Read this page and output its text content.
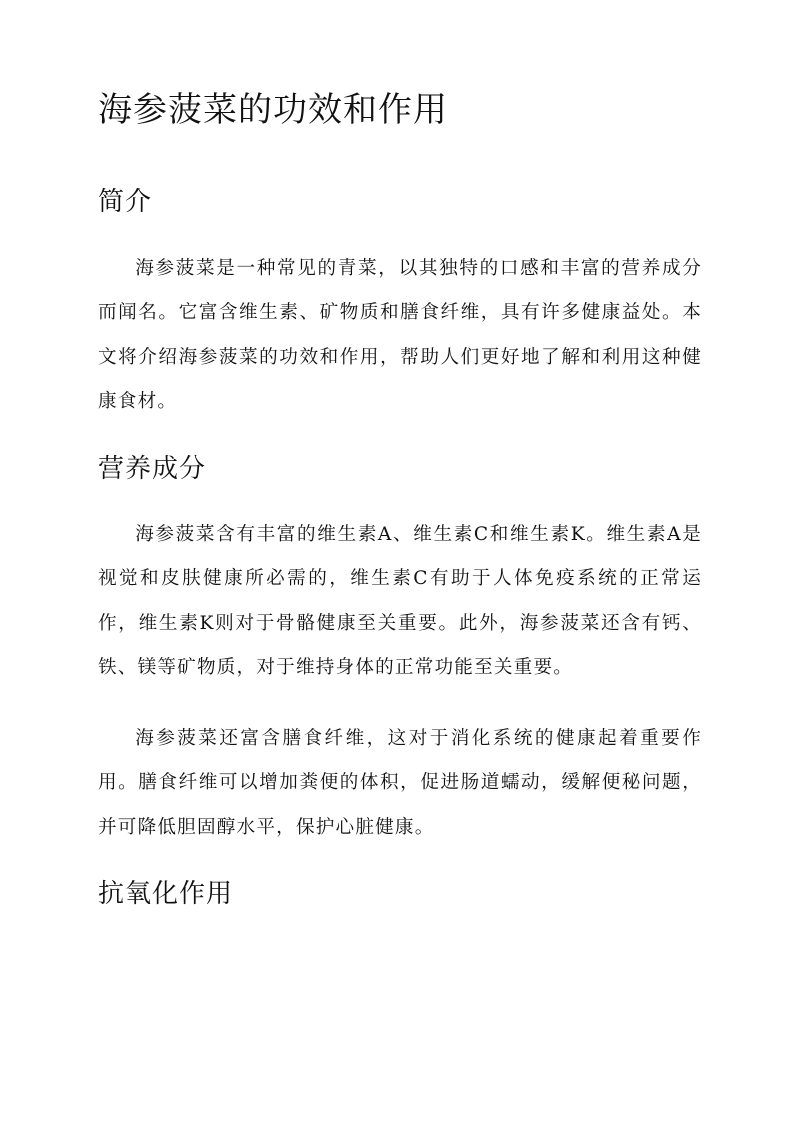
海参菠菜的功效和作用
简介

海参菠菜是一种常见的青菜，以其独特的口感和丰富的营养成分而闻名。它富含维生素、矿物质和膳食纤维，具有许多健康益处。本文将介绍海参菠菜的功效和作用，帮助人们更好地了解和利用这种健康食材。

营养成分

海参菠菜含有丰富的维生素A、维生素C和维生素K。维生素A是视觉和皮肤健康所必需的，维生素C有助于人体免疫系统的正常运作，维生素K则对于骨骼健康至关重要。此外，海参菠菜还含有钙、铁、镁等矿物质，对于维持身体的正常功能至关重要。

海参菠菜还富含膳食纤维，这对于消化系统的健康起着重要作用。膳食纤维可以增加粪便的体积，促进肠道蠕动，缓解便秘问题，并可降低胆固醇水平，保护心脏健康。

抗氧化作用
